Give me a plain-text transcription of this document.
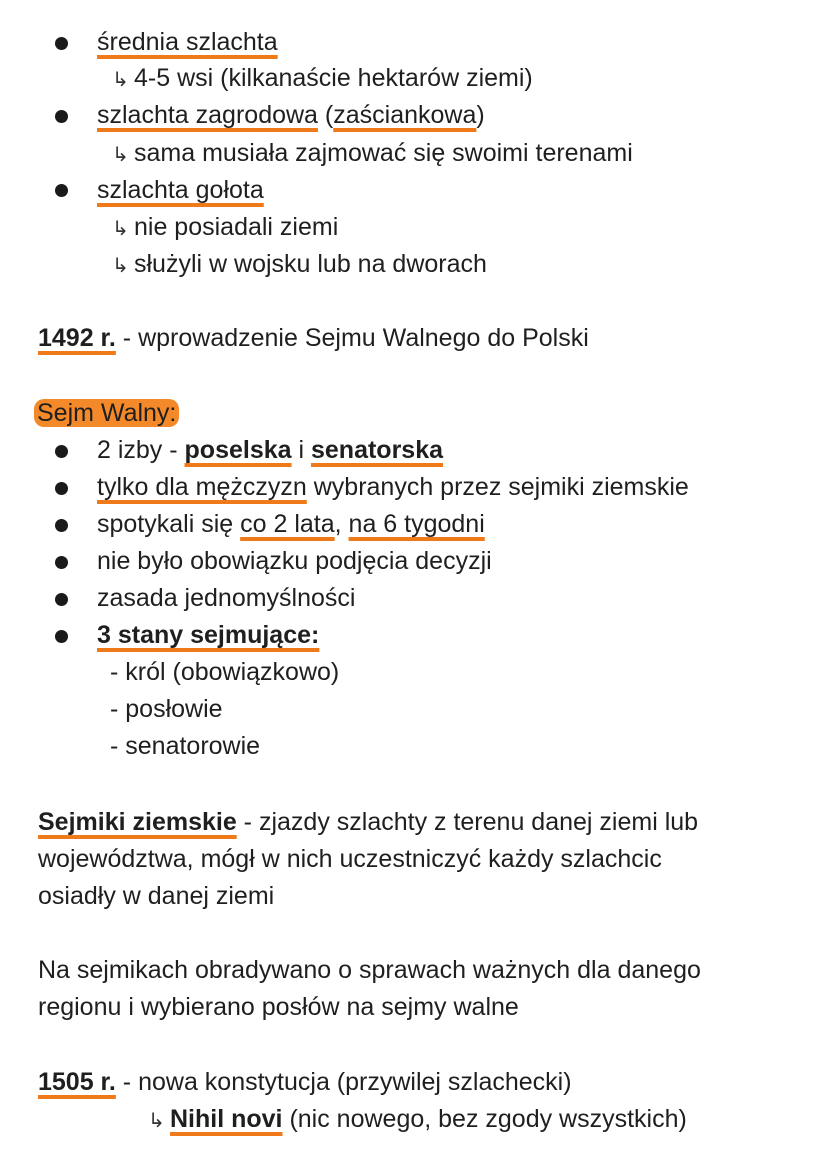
średnia szlachta
↳ 4-5 wsi (kilkanaście hektarów ziemi)
szlachta zagrodowa (zaściankowa)
↳ sama musiała zajmować się swoimi terenami
szlachta gołota
↳ nie posiadali ziemi
↳ służyli w wojsku lub na dworach
1492 r. - wprowadzenie Sejmu Walnego do Polski
Sejm Walny:
2 izby - poselska i senatorska
tylko dla mężczyzn wybranych przez sejmiki ziemskie
spotykali się co 2 lata, na 6 tygodni
nie było obowiązku podjęcia decyzji
zasada jednomyślności
3 stany sejmujące:
- król (obowiązkowo)
- posłowie
- senatorowie
Sejmiki ziemskie - zjazdy szlachty z terenu danej ziemi lub
województwa, mógł w nich uczestniczyć każdy szlachcic
osiadły w danej ziemi
Na sejmikach obradywano o sprawach ważnych dla danego
regionu i wybierano posłów na sejmy walne
1505 r. - nowa konstytucja (przywilej szlachecki)
↳ Nihil novi (nic nowego, bez zgody wszystkich)
